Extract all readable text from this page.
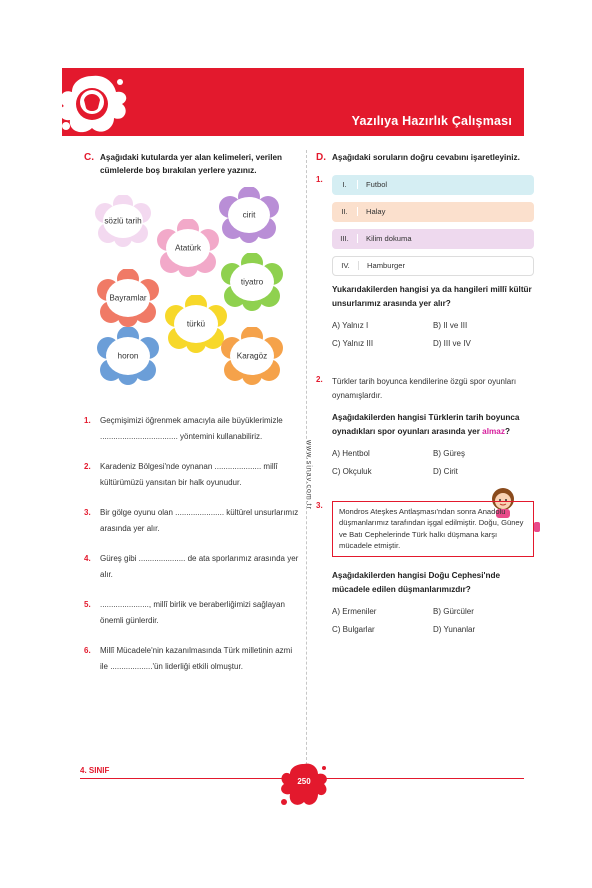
Yazılıya Hazırlık Çalışması
www.sinav.com.tr
C. Aşağıdaki kutularda yer alan kelimeleri, verilen cümlelerde boş bırakılan yerlere yazınız.
sözlü tarih
cirit
Atatürk
tiyatro
Bayramlar
türkü
horon	Karagöz
1.	Geçmişimizi öğrenmek amacıyla aile büyüklerimizle ................................... yöntemini kullanabiliriz.
2.	Karadeniz Bölgesi'nde oynanan ..................... millî kültürümüzü yansıtan bir halk oyunudur.
3.	Bir gölge oyunu olan ...................... kültürel unsurlarımız arasında yer alır.
4.	Güreş gibi ..................... de ata sporlarımız arasında yer alır.
5.	......................, millî birlik ve beraberliğimizi sağlayan önemli günlerdir.
6.	Millî Mücadele'nin kazanılmasında Türk milletinin azmi ile ...................'ün liderliği etkili olmuştur.
D. Aşağıdaki soruların doğru cevabını işaretleyiniz.
1.
I.	Futbol
II.	Halay
III.	Kilim dokuma
IV.	Hamburger
Yukarıdakilerden hangisi ya da hangileri millî kültür unsurlarımız arasında yer alır?
A) Yalnız I	B) II ve III
C) Yalnız III	D) III ve IV
2.	Türkler tarih boyunca kendilerine özgü spor oyunları oynamışlardır.
Aşağıdakilerden hangisi Türklerin tarih boyunca oynadıkları spor oyunları arasında yer almaz?
A) Hentbol	B) Güreş
C) Okçuluk	D) Cirit
3.
Mondros Ateşkes Antlaşması'ndan sonra Anadolu düşmanlarımız tarafından işgal edilmiştir. Doğu, Güney ve Batı Cephelerinde Türk halkı düşmana karşı mücadele etmiştir.
Aşağıdakilerden hangisi Doğu Cephesi'nde mücadele edilen düşmanlarımızdır?
A) Ermeniler	B) Gürcüler
C) Bulgarlar	D) Yunanlar
4. SINIF
250
